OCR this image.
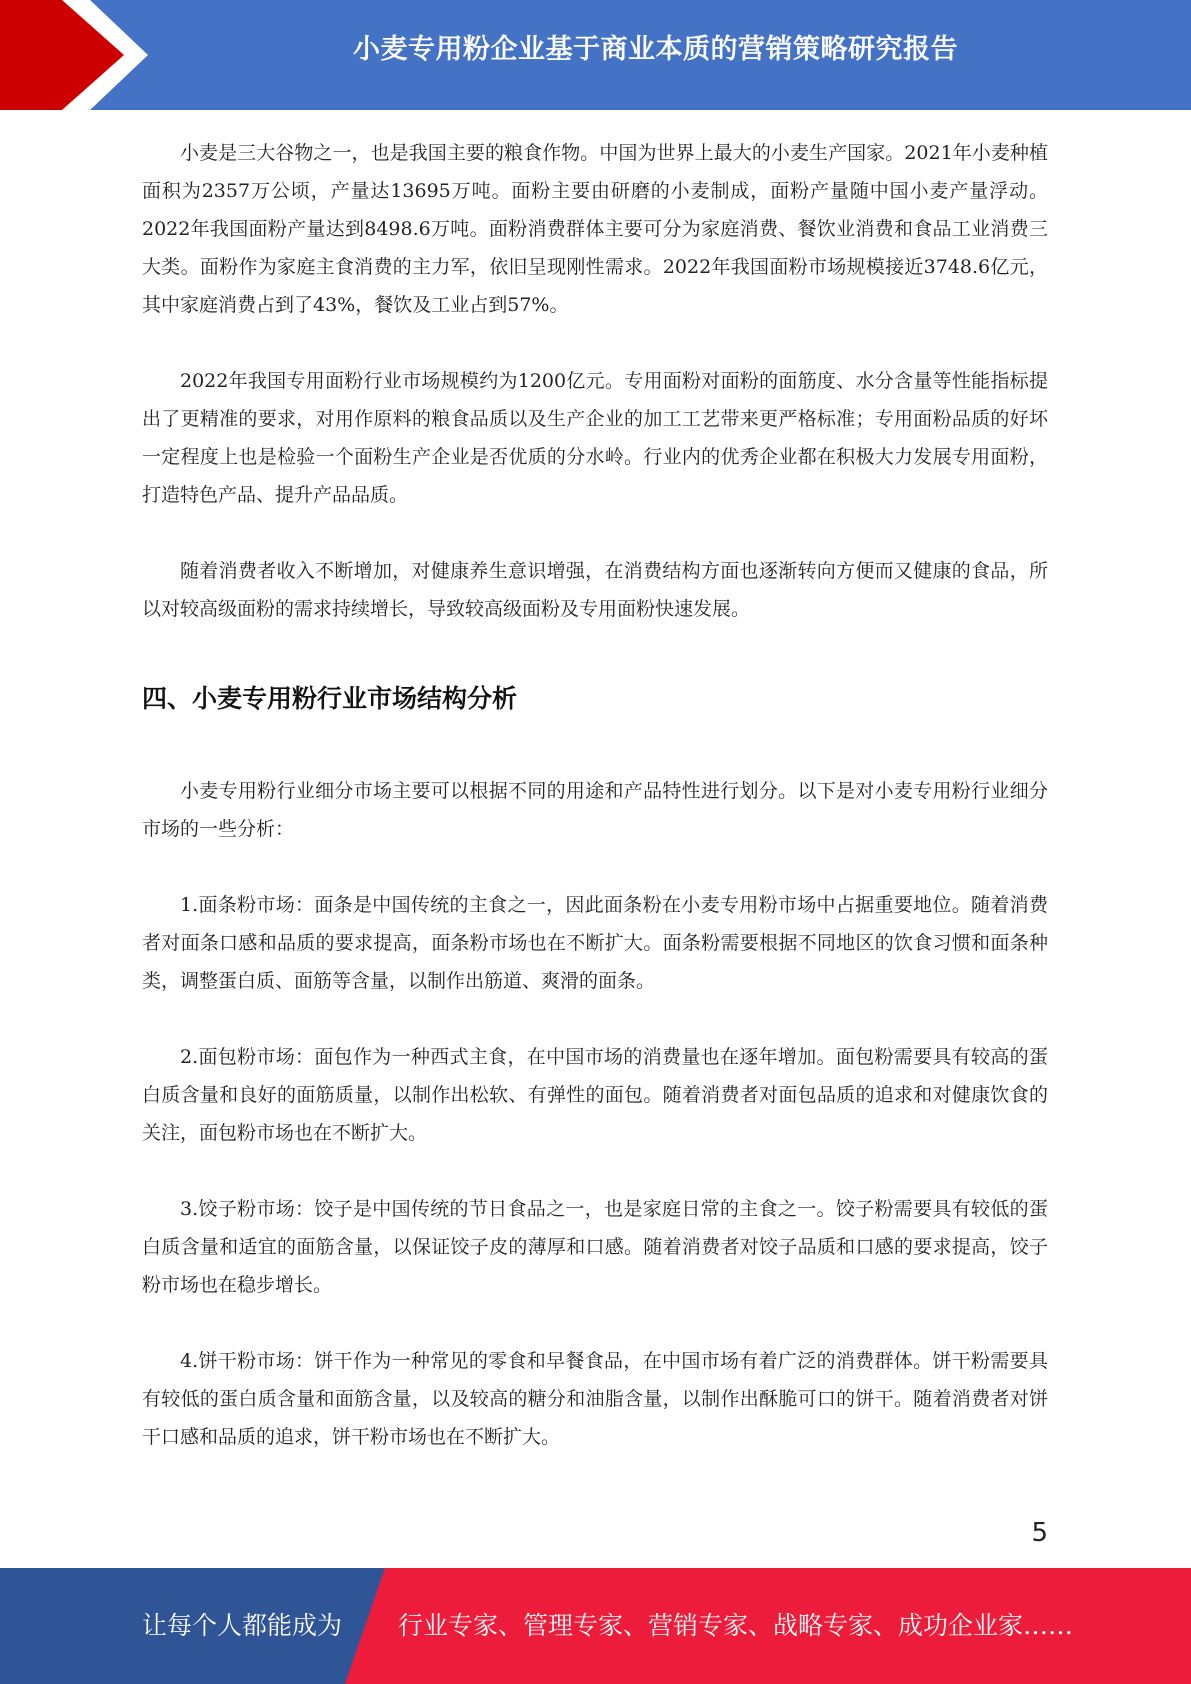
小麦专用粉企业基于商业本质的营销策略研究报告

小麦是三大谷物之一，也是我国主要的粮食作物。中国为世界上最大的小麦生产国家。2021年小麦种植面积为2357万公顷，产量达13695万吨。面粉主要由研磨的小麦制成，面粉产量随中国小麦产量浮动。2022年我国面粉产量达到8498.6万吨。面粉消费群体主要可分为家庭消费、餐饮业消费和食品工业消费三大类。面粉作为家庭主食消费的主力军，依旧呈现刚性需求。2022年我国面粉市场规模接近3748.6亿元，其中家庭消费占到了43%，餐饮及工业占到57%。

2022年我国专用面粉行业市场规模约为1200亿元。专用面粉对面粉的面筋度、水分含量等性能指标提出了更精准的要求，对用作原料的粮食品质以及生产企业的加工工艺带来更严格标准；专用面粉品质的好坏一定程度上也是检验一个面粉生产企业是否优质的分水岭。行业内的优秀企业都在积极大力发展专用面粉，打造特色产品、提升产品品质。

随着消费者收入不断增加，对健康养生意识增强，在消费结构方面也逐渐转向方便而又健康的食品，所以对较高级面粉的需求持续增长，导致较高级面粉及专用面粉快速发展。

四、小麦专用粉行业市场结构分析

小麦专用粉行业细分市场主要可以根据不同的用途和产品特性进行划分。以下是对小麦专用粉行业细分市场的一些分析：

1.面条粉市场：面条是中国传统的主食之一，因此面条粉在小麦专用粉市场中占据重要地位。随着消费者对面条口感和品质的要求提高，面条粉市场也在不断扩大。面条粉需要根据不同地区的饮食习惯和面条种类，调整蛋白质、面筋等含量，以制作出筋道、爽滑的面条。

2.面包粉市场：面包作为一种西式主食，在中国市场的消费量也在逐年增加。面包粉需要具有较高的蛋白质含量和良好的面筋质量，以制作出松软、有弹性的面包。随着消费者对面包品质的追求和对健康饮食的关注，面包粉市场也在不断扩大。

3.饺子粉市场：饺子是中国传统的节日食品之一，也是家庭日常的主食之一。饺子粉需要具有较低的蛋白质含量和适宜的面筋含量，以保证饺子皮的薄厚和口感。随着消费者对饺子品质和口感的要求提高，饺子粉市场也在稳步增长。

4.饼干粉市场：饼干作为一种常见的零食和早餐食品，在中国市场有着广泛的消费群体。饼干粉需要具有较低的蛋白质含量和面筋含量，以及较高的糖分和油脂含量，以制作出酥脆可口的饼干。随着消费者对饼干口感和品质的追求，饼干粉市场也在不断扩大。

5
让每个人都能成为 行业专家、管理专家、营销专家、战略专家、成功企业家……
